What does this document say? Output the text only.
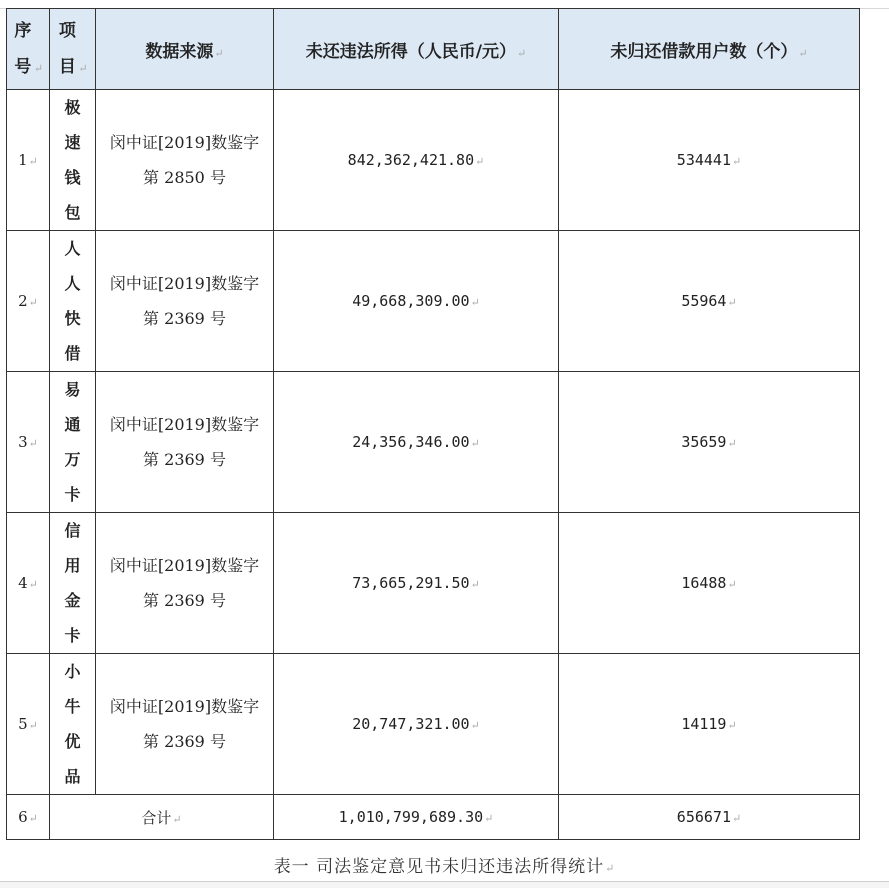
序号 ↵	项目 ↵	数据来源↵	未还违法所得（人民币/元）↵	未归还借款用户数（个）↵
1↵	极速钱包	闵中证[2019]数鉴字第 2850 号	842,362,421.80↵	534441↵
2↵	人人快借	闵中证[2019]数鉴字第 2369 号	49,668,309.00↵	55964↵
3↵	易通万卡	闵中证[2019]数鉴字第 2369 号	24,356,346.00↵	35659↵
4↵	信用金卡	闵中证[2019]数鉴字第 2369 号	73,665,291.50↵	16488↵
5↵	小牛优品	闵中证[2019]数鉴字第 2369 号	20,747,321.00↵	14119↵
6↵	合计↵		1,010,799,689.30↵	656671↵
表一 司法鉴定意见书未归还违法所得统计↵
